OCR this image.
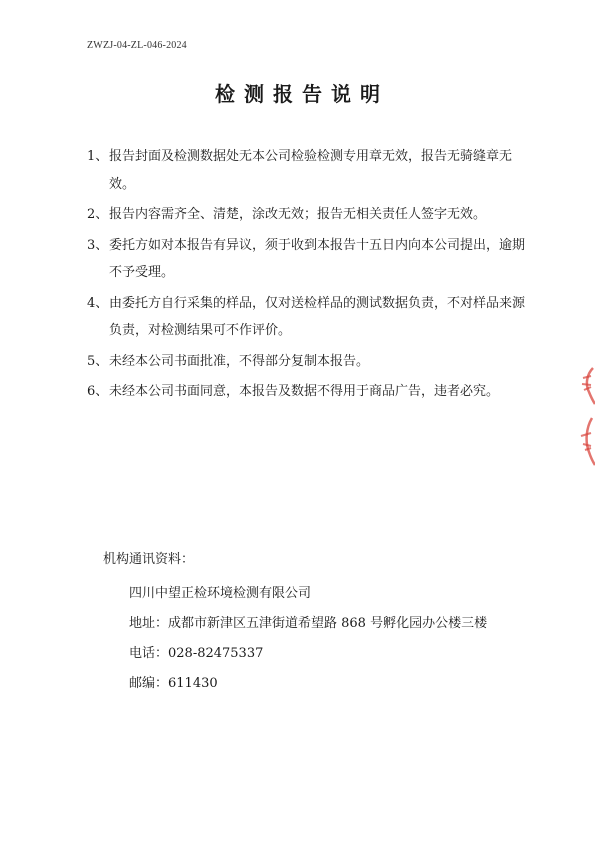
ZWZJ-04-ZL-046-2024
检测报告说明
1、 报告封面及检测数据处无本公司检验检测专用章无效，报告无骑缝章无效。
2、 报告内容需齐全、清楚，涂改无效；报告无相关责任人签字无效。
3、 委托方如对本报告有异议，须于收到本报告十五日内向本公司提出，逾期不予受理。
4、 由委托方自行采集的样品，仅对送检样品的测试数据负责，不对样品来源负责，对检测结果可不作评价。
5、 未经本公司书面批准，不得部分复制本报告。
6、 未经本公司书面同意，本报告及数据不得用于商品广告，违者必究。
机构通讯资料：
四川中望正检环境检测有限公司
地址：成都市新津区五津街道希望路 868 号孵化园办公楼三楼
电话：028-82475337
邮编：611430
